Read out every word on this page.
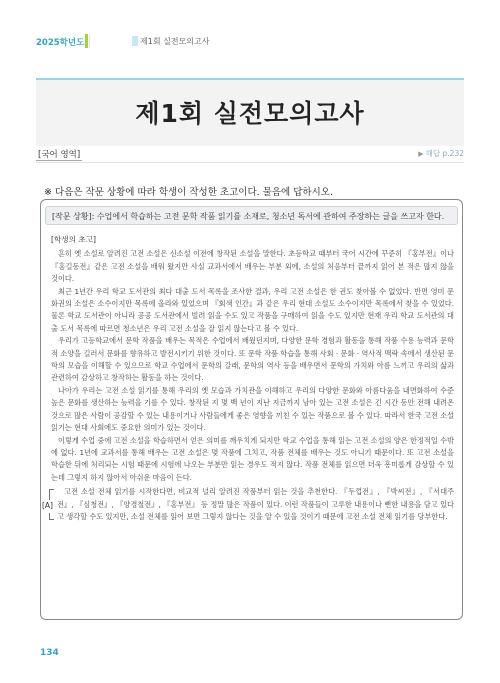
2025학년도	제1회 실전모의고사
제1회 실전모의고사
[ 국어 영역 ]	▶ 해답 p.232
※ 다음은 작문 상황에 따라 학생이 작성한 초고이다. 물음에 답하시오.
[작문 상황]: 수업에서 학습하는 고전 문학 작품 읽기를 소재로, 청소년 독서에 관하여 주장하는 글을 쓰고자 한다.
[학생의 초고]

흔히 옛 소설로 알려진 고전 소설은 신소설 이전에 창작된 소설을 말한다. 초등학교 때부터 국어 시간에 꾸준히 『홍부전』이나 『홍길동전』같은 고전 소설을 배워 왔지만 사실 교과서에서 배우는 부분 외에, 소설의 처음부터 끝까지 읽어 본 적은 많지 않을 것이다.

최근 1년간 우리 학교 도서관의 최다 대출 도서 목록을 조사한 결과, 우리 고전 소설은 한 권도 찾아볼 수 없었다. 반면 영미 문화권의 소설은 소수이지만 목록에 올라와 있었으며 『회색 인간』과 같은 우리 현대 소설도 소수이지만 목록에서 찾을 수 있었다. 물론 학교 도서관이 아니라 공공 도서관에서 빌려 읽을 수도 있고 작품을 구매하여 읽을 수도 있지만 현재 우리 학교 도서관의 대출 도서 목록에 따르면 청소년은 우리 고전 소설을 잘 읽지 않는다고 볼 수 있다.

우리가 고등학교에서 문학 작품을 배우는 목적은 수업에서 배웠던지며, 다양한 문학 경험과 활동을 통해 작품 수용 능력과 문학적 소양을 길러서 문화를 향유하고 발전시키기 위한 것이다. 또 문학 작품 학습을 통해 사회 · 문화 · 역사적 맥락 속에서 생산된 문학의 모습을 이해할 수 있으므로 학교 수업에서 문학의 갈래, 문학의 역사 등을 배우면서 문학의 가치와 아름 느끼고 우리의 삶과 관련하여 감상하고 창작하는 활동을 하는 것이다.

나아가 우리는 고전 소설 읽기를 통해 우리의 옛 모습과 가치관을 이해하고 우리의 다양한 문화와 아름다움을 내면화하여 수준 높은 문화를 생산하는 능력을 기를 수 있다. 창작된 지 몇 백 년이 지난 지금까지 남아 있는 고전 소설은 긴 시간 동안 전해 내려온 것으로 많은 사람이 공감할 수 있는 내용이거나 사람들에게 좋은 영향을 끼친 수 있는 작품으로 볼 수 있다. 따라서 한국 고전 소설 읽기는 현대 사회에도 중요한 의미가 있는 것이다.

이렇게 수업 중에 고전 소설을 학습하면서 얻은 의미를 깨우치게 되지만 학교 수업을 통해 읽는 고전 소설의 양은 한정적일 수밖에 없다. 1년에 교과서를 통해 배우는 고전 소설은 몇 작품에 그치고, 작품 전체를 배우는 것도 아니기 때문이다. 또 고전 소설을 학습한 뒤에 처리되는 시험 때문에 시험에 나오는 부분만 읽는 경우도 적지 않다. 작품 전체를 읽으면 더욱 흥미롭게 감상할 수 있는데 그렇지 하지 않아서 아쉬운 마음이 든다.

[A]
고전 소설 전체 읽기를 시작한다면, 비교적 널리 알려진 작품부터 읽는 것을 추천한다. 『두껍전』, 『박씨전』, 『서대주전』, 『심청전』, 『양경철전』, 『홍부전』 등 정말 많은 작품이 있다. 이런 작품들이 고루한 내용이나 뻔한 내용을 담고 있다고 생각할 수도 있지만, 소설 전체를 읽어 보면 그렇지 않다는 것을 알 수 있을 것이기 때문에 고전 소설 전체 읽기를 당부한다.
134
